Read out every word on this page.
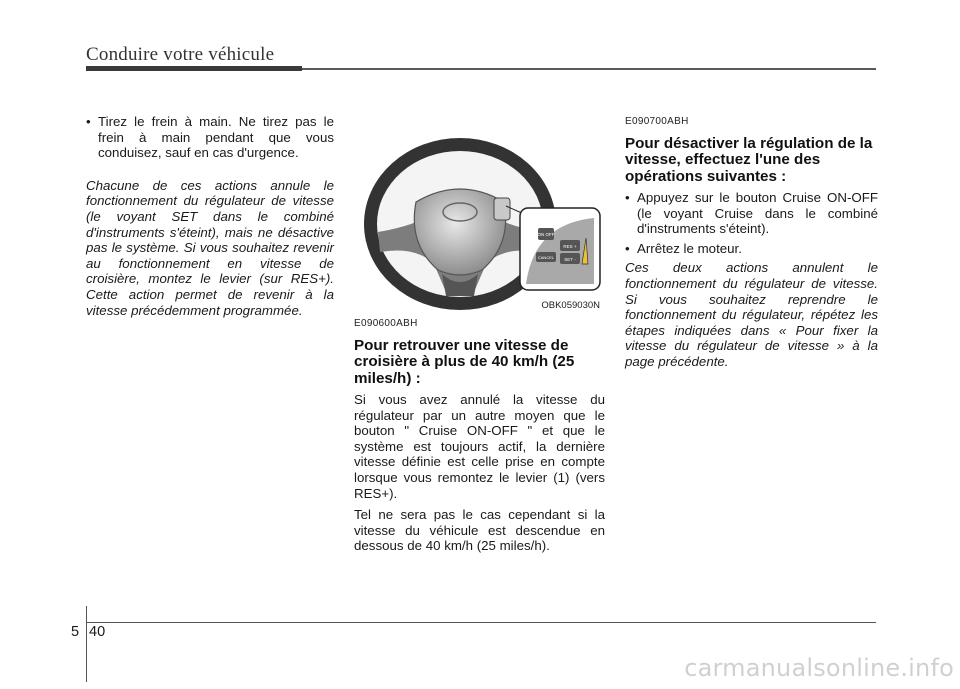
Conduire votre véhicule
• Tirez le frein à main. Ne tirez pas le frein à main pendant que vous conduisez, sauf en cas d'urgence.

Chacune de ces actions annule le fonctionnement du régulateur de vitesse (le voyant SET dans le combiné d'instruments s'éteint), mais ne désactive pas le système. Si vous souhaitez revenir au fonctionnement en vitesse de croisière, montez le levier (sur RES+). Cette action permet de revenir à la vitesse précédemment programmée.

ON OFF
RES +
SET -
CANCEL
OBK059030N

E090600ABH

Pour retrouver une vitesse de croisière à plus de 40 km/h (25 miles/h) :

Si vous avez annulé la vitesse du régulateur par un autre moyen que le bouton " Cruise ON-OFF " et que le système est toujours actif, la dernière vitesse définie est celle prise en compte lorsque vous remontez le levier (1) (vers RES+).

Tel ne sera pas le cas cependant si la vitesse du véhicule est descendue en dessous de 40 km/h (25 miles/h).

E090700ABH

Pour désactiver la régulation de la vitesse, effectuez l'une des opérations suivantes :

• Appuyez sur le bouton Cruise ON-OFF (le voyant Cruise dans le combiné d'instruments s'éteint).
• Arrêtez le moteur.

Ces deux actions annulent le fonctionnement du régulateur de vitesse. Si vous souhaitez reprendre le fonctionnement du régulateur, répétez les étapes indiquées dans « Pour fixer la vitesse du régulateur de vitesse » à la page précédente.

5 40
carmanualsonline.info
